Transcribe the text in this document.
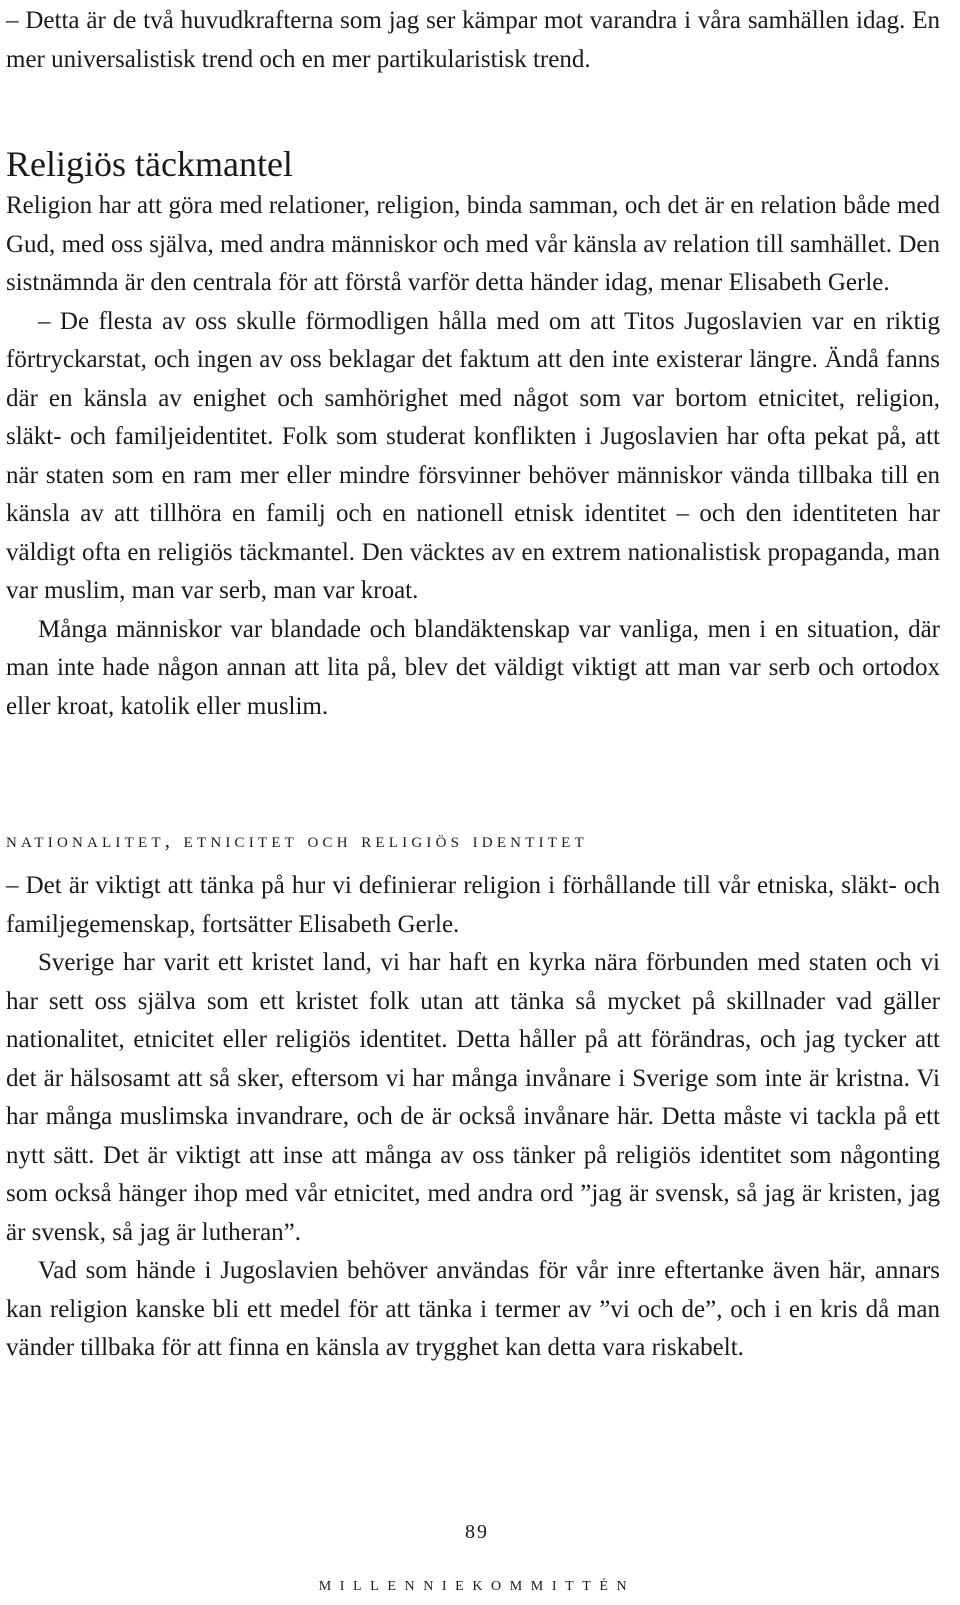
– Detta är de två huvudkrafterna som jag ser kämpar mot varandra i våra samhällen idag. En mer universalistisk trend och en mer partikularistisk trend.

Religiös täckmantel

Religion har att göra med relationer, religion, binda samman, och det är en relation både med Gud, med oss själva, med andra människor och med vår känsla av relation till samhället. Den sistnämnda är den centrala för att förstå varför detta händer idag, menar Elisabeth Gerle.

– De flesta av oss skulle förmodligen hålla med om att Titos Jugoslavien var en riktig förtryckarstat, och ingen av oss beklagar det faktum att den inte existerar längre. Ändå fanns där en känsla av enighet och samhörighet med något som var bortom etnicitet, religion, släkt- och familjeidentitet. Folk som studerat konflikten i Jugoslavien har ofta pekat på, att när staten som en ram mer eller mindre försvinner behöver människor vända tillbaka till en känsla av att tillhöra en familj och en nationell etnisk identitet – och den identiteten har väldigt ofta en religiös täckmantel. Den väcktes av en extrem nationalistisk propaganda, man var muslim, man var serb, man var kroat.

Många människor var blandade och blandäktenskap var vanliga, men i en situation, där man inte hade någon annan att lita på, blev det väldigt viktigt att man var serb och ortodox eller kroat, katolik eller muslim.

nationalitet, etnicitet och religiös identitet

– Det är viktigt att tänka på hur vi definierar religion i förhållande till vår etniska, släkt- och familjegemenskap, fortsätter Elisabeth Gerle.

Sverige har varit ett kristet land, vi har haft en kyrka nära förbunden med staten och vi har sett oss själva som ett kristet folk utan att tänka så mycket på skillnader vad gäller nationalitet, etnicitet eller religiös identitet. Detta håller på att förändras, och jag tycker att det är hälsosamt att så sker, eftersom vi har många invånare i Sverige som inte är kristna. Vi har många muslimska invandrare, och de är också invånare här. Detta måste vi tackla på ett nytt sätt. Det är viktigt att inse att många av oss tänker på religiös identitet som någonting som också hänger ihop med vår etnicitet, med andra ord ”jag är svensk, så jag är kristen, jag är svensk, så jag är lutheran”.

Vad som hände i Jugoslavien behöver användas för vår inre eftertanke även här, annars kan religion kanske bli ett medel för att tänka i termer av ”vi och de”, och i en kris då man vänder tillbaka för att finna en känsla av trygghet kan detta vara riskabelt.

89
MILLENNIEKOMMITTÉN
